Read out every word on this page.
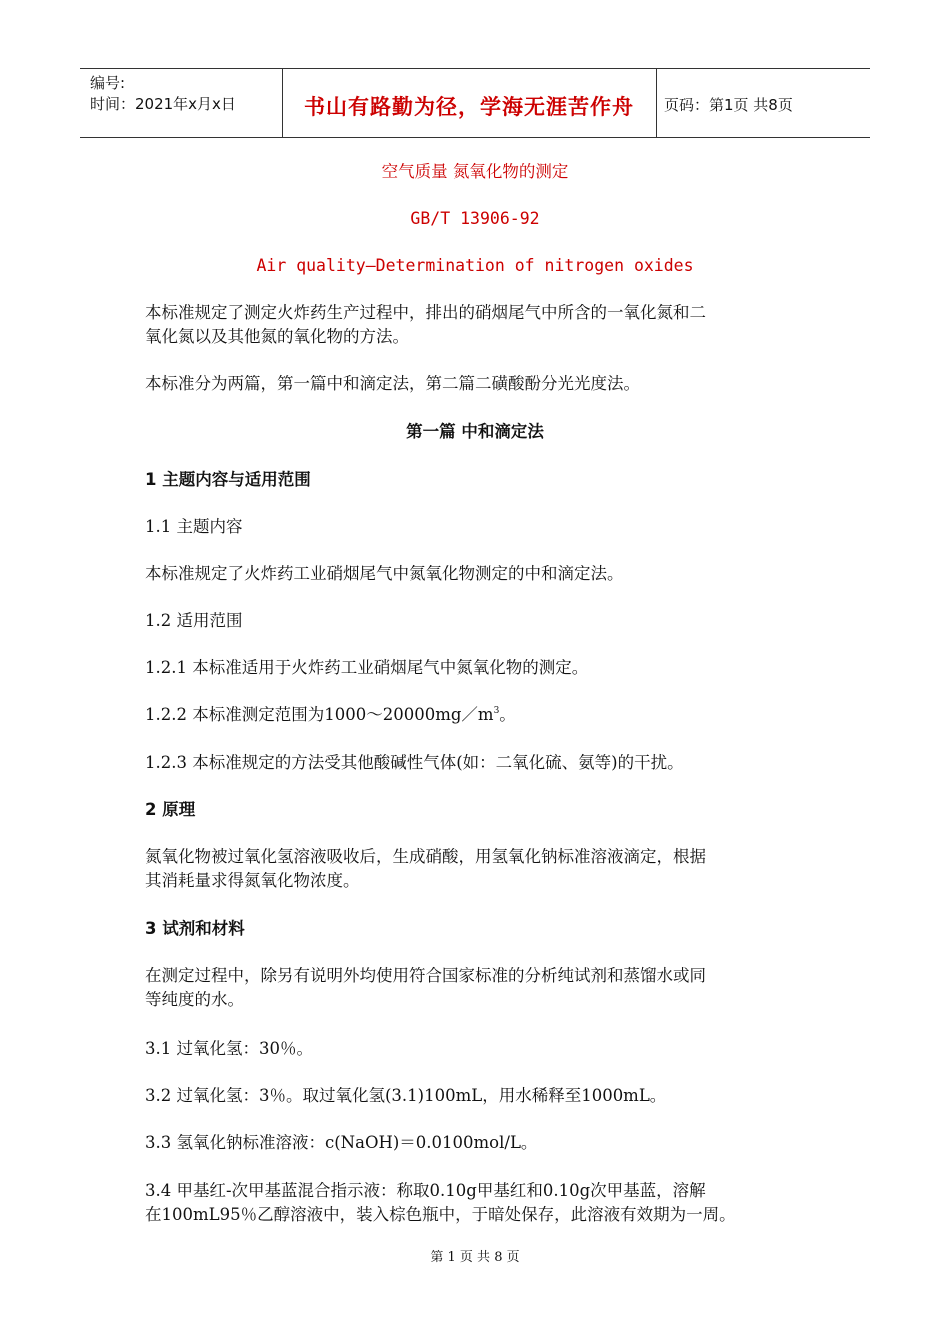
编号:
时间：2021年x月x日	书山有路勤为径，学海无涯苦作舟	页码：第1页 共8页
空气质量 氮氧化物的测定
GB/T 13906-92
Air quality—Determination of nitrogen oxides
本标准规定了测定火炸药生产过程中，排出的硝烟尾气中所含的一氧化氮和二
氧化氮以及其他氮的氧化物的方法。
本标准分为两篇，第一篇中和滴定法，第二篇二磺酸酚分光光度法。
第一篇 中和滴定法
1 主题内容与适用范围
1.1 主题内容
本标准规定了火炸药工业硝烟尾气中氮氧化物测定的中和滴定法。
1.2 适用范围
1.2.1 本标准适用于火炸药工业硝烟尾气中氮氧化物的测定。
1.2.2 本标准测定范围为$1000\sim 20000mg/m^3$。
1.2.3 本标准规定的方法受其他酸碱性气体(如：二氧化硫、氨等)的干扰。
2 原理
氮氧化物被过氧化氢溶液吸收后，生成硝酸，用氢氧化钠标准溶液滴定，根据
其消耗量求得氮氧化物浓度。
3 试剂和材料
在测定过程中，除另有说明外均使用符合国家标准的分析纯试剂和蒸馏水或同
等纯度的水。
3.1 过氧化氢：30％。
3.2 过氧化氢：3％。取过氧化氢(3.1)100mL，用水稀释至1000mL。
3.3 氢氧化钠标准溶液：c(NaOH)＝0.0100mol/L。
3.4 甲基红-次甲基蓝混合指示液：称取0.10g甲基红和0.10g次甲基蓝，溶解
在100mL95％乙醇溶液中，装入棕色瓶中，于暗处保存，此溶液有效期为一周。
第 1 页 共 8 页
